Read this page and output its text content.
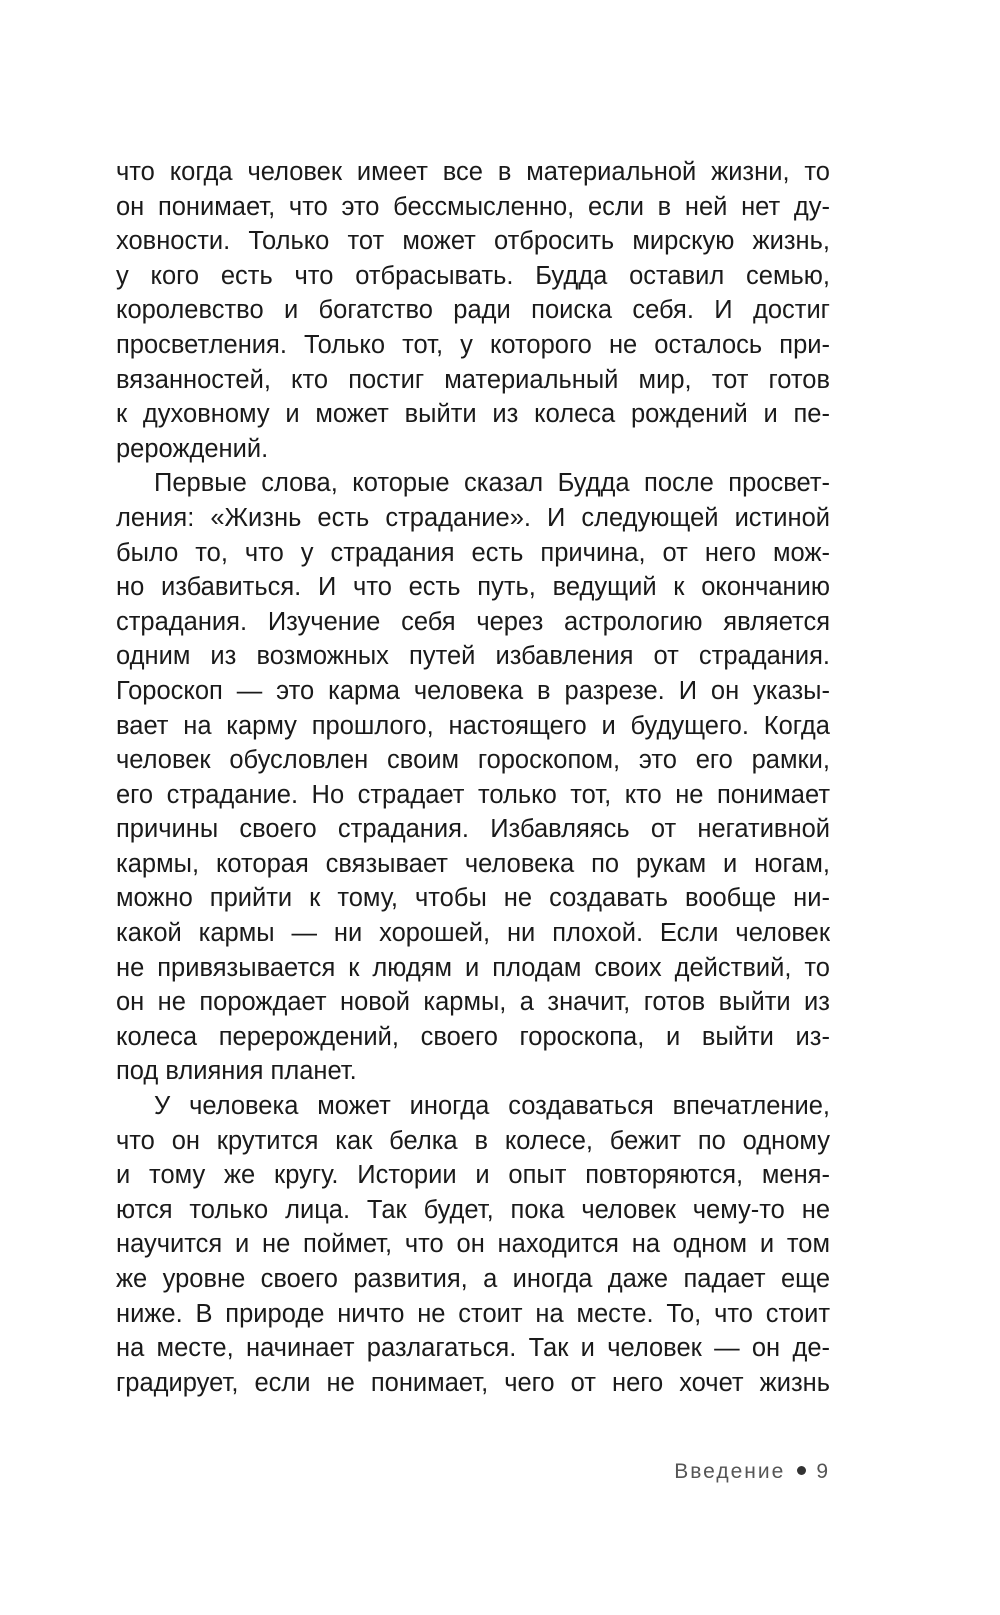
что когда человек имеет все в материальной жизни, то
он понимает, что это бессмысленно, если в ней нет ду-
ховности. Только тот может отбросить мирскую жизнь,
у кого есть что отбрасывать. Будда оставил семью,
королевство и богатство ради поиска себя. И достиг
просветления. Только тот, у которого не осталось при-
вязанностей, кто постиг материальный мир, тот готов
к духовному и может выйти из колеса рождений и пе-
рерождений.
Первые слова, которые сказал Будда после просвет-
ления: «Жизнь есть страдание». И следующей истиной
было то, что у страдания есть причина, от него мож-
но избавиться. И что есть путь, ведущий к окончанию
страдания. Изучение себя через астрологию является
одним из возможных путей избавления от страдания.
Гороскоп — это карма человека в разрезе. И он указы-
вает на карму прошлого, настоящего и будущего. Когда
человек обусловлен своим гороскопом, это его рамки,
его страдание. Но страдает только тот, кто не понимает
причины своего страдания. Избавляясь от негативной
кармы, которая связывает человека по рукам и ногам,
можно прийти к тому, чтобы не создавать вообще ни-
какой кармы — ни хорошей, ни плохой. Если человек
не привязывается к людям и плодам своих действий, то
он не порождает новой кармы, а значит, готов выйти из
колеса перерождений, своего гороскопа, и выйти из-
под влияния планет.
У человека может иногда создаваться впечатление,
что он крутится как белка в колесе, бежит по одному
и тому же кругу. Истории и опыт повторяются, меня-
ются только лица. Так будет, пока человек чему-то не
научится и не поймет, что он находится на одном и том
же уровне своего развития, а иногда даже падает еще
ниже. В природе ничто не стоит на месте. То, что стоит
на месте, начинает разлагаться. Так и человек — он де-
градирует, если не понимает, чего от него хочет жизнь
Введение 9
